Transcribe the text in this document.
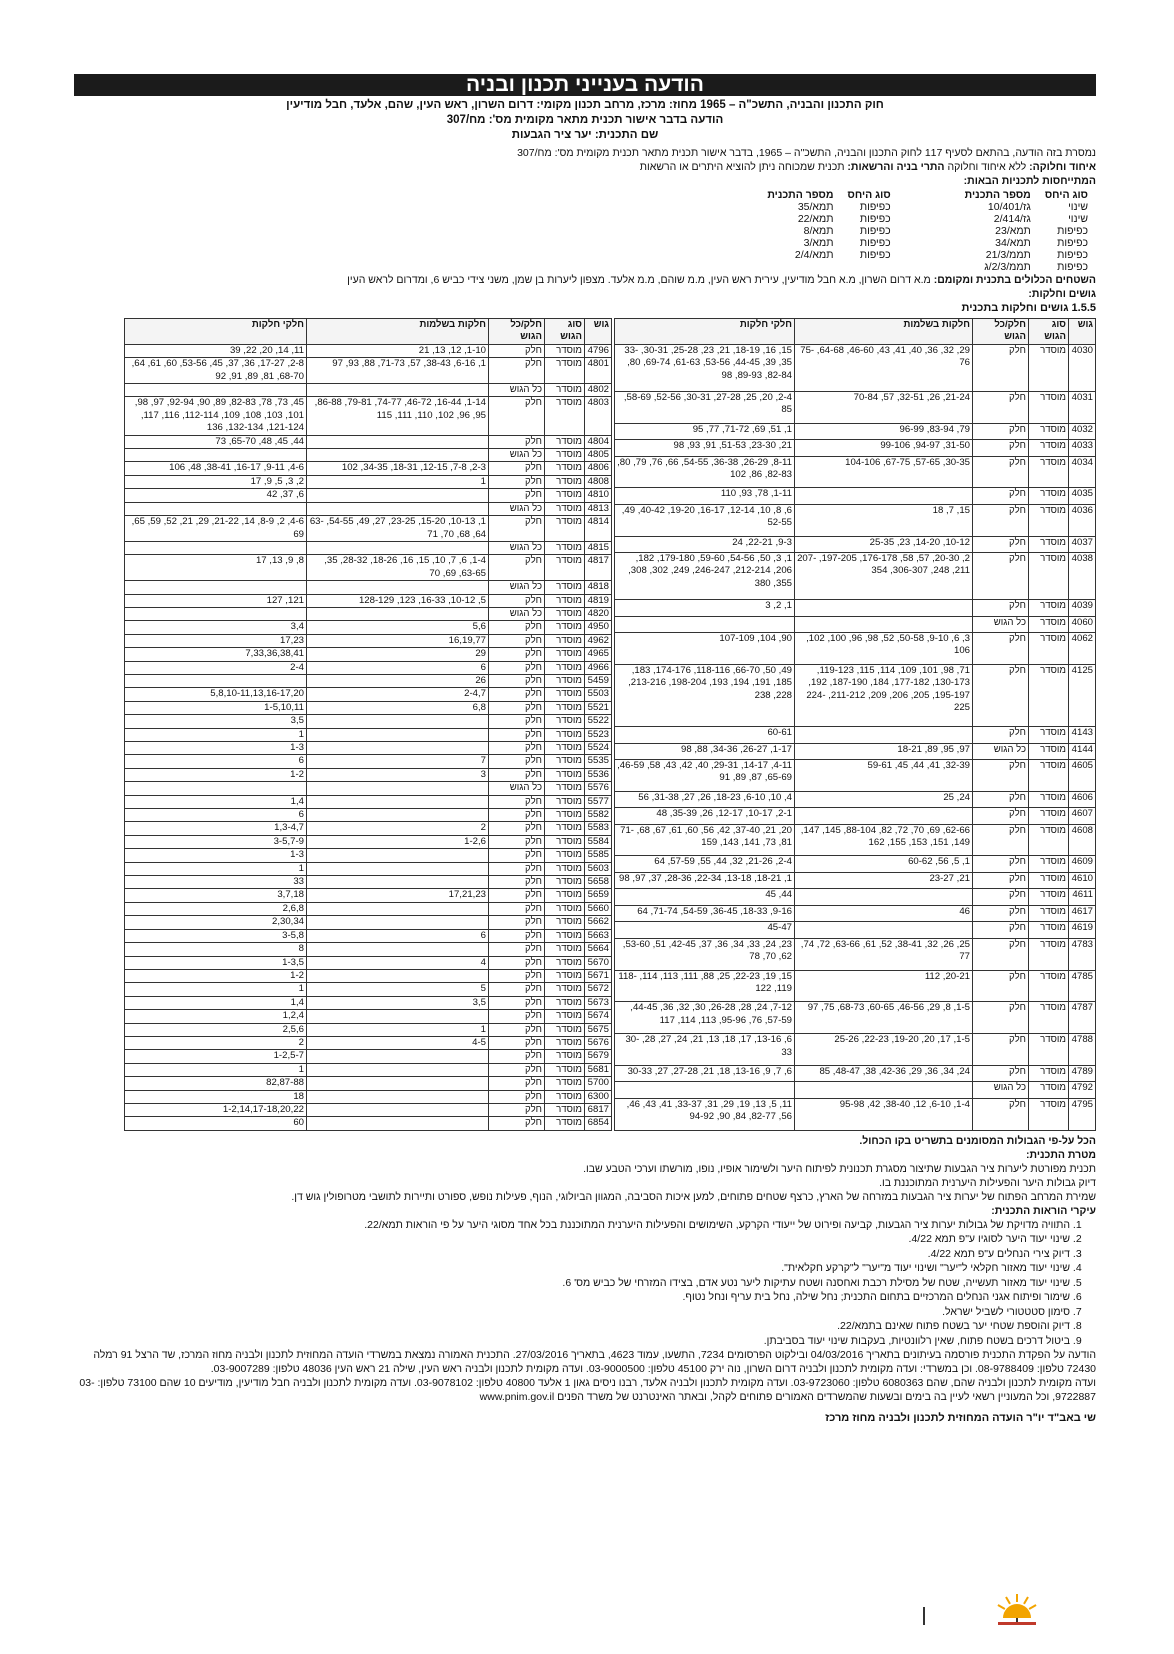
הודעה בענייני תכנון ובניה
חוק התכנון והבניה, התשכ"ה – 1965 מחוז: מרכז, מרחב תכנון מקומי: דרום השרון, ראש העין, שהם, אלעד, חבל מודיעין
הודעה בדבר אישור תכנית מתאר מקומית מס': מח/307
שם התכנית: יער ציר הגבעות
נמסרת בזה הודעה, בהתאם לסעיף 117 לחוק התכנון והבניה, התשכ"ה – 1965, בדבר אישור תכנית מתאר תכנית מקומית מס': מח/307
איחוד וחלוקה: ללא איחוד וחלוקה התרי בניה והרשאות: תכנית שמכוחה ניתן להוציא היתרים או הרשאות
המתייחסות לתכניות הבאות:
סוג היחס	מספר התכנית		סוג היחס	מספר התכנית
שינוי	גז/10/401		כפיפות	תמא/35
שינוי	גז/2/414		כפיפות	תמא/22
כפיפות	תמא/23		כפיפות	תמא/8
כפיפות	תמא/34		כפיפות	תמא/3
כפיפות	תממ/21/3		כפיפות	תמא/2/4
כפיפות	תממ/2/3/ג			
השטחים הכלולים בתכנית ומקומם: מ.א דרום השרון, מ.א חבל מודיעין, עירית ראש העין, מ.מ שוהם, מ.מ אלעד. מצפון ליערות בן שמן, משני צידי כביש 6, ומדרום לראש העין
גושים וחלקות:
1.5.5 גושים וחלקות בתכנית
גוש	סוג הגוש	חלק/כל הגוש	חלקות בשלמות	חלקי חלקות
4030	מוסדר	חלק	29, 32, 36, 40, 41, 43, 46-60, 64-68, 75-76	15, 16, 18-19, 21, 23, 25-28, 30-31, 33-35, 39, 44-45, 53-56, 61-63, 69-74, 80, 82-84, 89-93, 98
4031	מוסדר	חלק	21-24, 26, 32-51, 57, 70-84	2-4, 20, 25, 27-28, 30-31, 52-56, 58-69, 85
4032	מוסדר	חלק	79, 83-94, 96-99	1, 51, 69, 71-72, 77, 95
4033	מוסדר	חלק	31-50, 94-97, 99-106	21, 23-30, 51-53, 91, 93, 98
4034	מוסדר	חלק	30-35, 57-65, 67-75, 104-106	8-11, 26-29, 36-38, 54-55, 66, 76, 79, 80, 82-83, 86, 102
4035	מוסדר	חלק		1-11, 78, 93, 110
4036	מוסדר	חלק	15, 7, 18	6, 8, 10, 12-14, 16-17, 19-20, 40-42, 49, 52-55
4037	מוסדר	חלק	10-12, 14-20, 23, 25-35	9-3, 22-21, 24
4038	מוסדר	חלק	2, 20-30, 57, 58, 176-178, 197-205, 207-211, 248, 306-307, 354	1, 3, 50, 54-56, 59-60, 179-180, 182, 206, 212-214, 246-247, 249, 302, 308, 355, 380
4039	מוסדר	חלק		1, 2, 3
4060	מוסדר	כל הגוש		
4062	מוסדר	חלק	3, 6, 9-10, 50-58, 52, 98, 96, 100, 102, 106	90, 104, 107-109
4125	מוסדר	חלק	71, 98, 101, 109, 114, 115, 119-123, 130-173, 177-182, 184, 187-190, 192, 195-197, 205, 206, 209, 211-212, 224-225	49, 50, 66-70, 118-116, 174-176, 183, 185, 191, 194, 193, 198-204, 213-216, 228, 238
4143	מוסדר	חלק		60-61
4144	מוסדר	כל הגוש	97, 95, 89, 18-21	1-17, 26-27, 34-36, 88, 98
4605	מוסדר	חלק	32-39, 41, 44, 45, 59-61	4-11, 14-17, 29-31, 40, 42, 43, 58, 46-59, 65-69, 87, 89, 91
4606	מוסדר	חלק	24, 25	4, 10, 6-10, 18-23, 26, 27, 31-38, 56
4607	מוסדר	חלק		2-1, 10-17, 12-17, 26, 35-39, 48
4608	מוסדר	חלק	62-66, 69, 70, 72, 82, 88-104, 145, 147, 149, 151, 153, 155, 162	20, 21, 37-40, 42, 56, 60, 61, 67, 68, 71-81, 73, 141, 143, 159
4609	מוסדר	חלק	1, 5, 56, 60-62	2-4, 21-26, 32, 44, 55, 57-59, 64
4610	מוסדר	חלק	21, 23-27	1, 18-21, 13-18, 22-34, 28-36, 37, 97, 98
4611	מוסדר	חלק		44, 45
4617	מוסדר	חלק	46	9-16, 18-33, 36-45, 54-59, 71-74, 64
4619	מוסדר	חלק		45-47
4783	מוסדר	חלק	25, 26, 32, 38-41, 52, 61, 63-66, 72, 74, 77	23, 24, 33, 34, 36, 37, 42-45, 51, 53-60, 62, 70, 78
4785	מוסדר	חלק	20-21, 112	15, 19, 22-23, 25, 88, 111, 113, 114, 118-119, 122
4787	מוסדר	חלק	1-5, 8, 29, 46-56, 60-65, 68-73, 75, 97	7-12, 24, 28, 26-28, 30, 32, 36, 44-45, 57-59, 76, 95-96, 113, 114, 117
4788	מוסדר	חלק	1-5, 17, 20, 19-20, 22-23, 25-26	6, 13-16, 17, 18, 13, 21, 24, 27, 28, 30-33
4789	מוסדר	חלק	24, 34, 36, 29, 42-36, 38, 48-47, 85	6, 7, 9, 13-16, 18, 21, 27-28, 27, 30-33
4792	מוסדר	כל הגוש		
4795	מוסדר	חלק	1-4, 6-10, 12, 38-40, 42, 95-98	11, 5, 13, 19, 29, 31, 33-37, 41, 43, 46, 56, 82-77, 84, 90, 94-92
גוש	סוג הגוש	חלק/כל הגוש	חלקות בשלמות	חלקי חלקות
4796	מוסדר	חלק	1-10, 12, 13, 21	11, 14, 20, 22, 39
4801	מוסדר	חלק	1, 6-16, 38-43, 57, 71-73, 88, 93, 97	2-8, 17-27, 36, 37, 45, 53-56, 60, 61, 64, 68-70, 81, 89, 91, 92
4802	מוסדר	כל הגוש		
4803	מוסדר	חלק	1-14, 16-44, 46-72, 74-77, 79-81, 86-88, 95, 96, 102, 110, 111, 115	45, 73, 78, 82-83, 89, 90, 92-94, 97, 98, 101, 103, 108, 109, 112-114, 116, 117, 121-124, 132-134, 136
4804	מוסדר	חלק		44, 45, 48, 65-70, 73
4805	מוסדר	כל הגוש		
4806	מוסדר	חלק	2-3, 7-8, 12-15, 18-31, 34-35, 102	4-6, 9-11, 16-17, 38-41, 48, 106
4808	מוסדר	חלק	1	2, 3, 5, 9, 17
4810	מוסדר	חלק		6, 37, 42
4813	מוסדר	כל הגוש		
4814	מוסדר	חלק	1, 10-13, 15-20, 23-25, 27, 49, 54-55, 63-64, 68, 70, 71	4-6, 2, 8-9, 14, 21-22, 29, 21, 52, 59, 65, 69
4815	מוסדר	כל הגוש		
4817	מוסדר	חלק	1-4, 6, 7, 10, 15, 16, 18-26, 28-32, 35, 63-65, 69, 70	8, 9, 13, 17
4818	מוסדר	כל הגוש		
4819	מוסדר	חלק	5, 10-12, 16-33, 123, 128-129	121, 127
4820	מוסדר	כל הגוש		
4950	מוסדר	חלק	5,6	3,4
4962	מוסדר	חלק	16,19,77	17,23
4965	מוסדר	חלק	29	7,33,36,38,41
4966	מוסדר	חלק	6	2-4
5459	מוסדר	חלק	26	
5503	מוסדר	חלק	2-4,7	5,8,10-11,13,16-17,20
5521	מוסדר	חלק	6,8	1-5,10,11
5522	מוסדר	חלק		3,5
5523	מוסדר	חלק		1
5524	מוסדר	חלק		1-3
5535	מוסדר	חלק	7	6
5536	מוסדר	חלק	3	1-2
5576	מוסדר	כל הגוש		
5577	מוסדר	חלק		1,4
5582	מוסדר	חלק		6
5583	מוסדר	חלק	2	1,3-4,7
5584	מוסדר	חלק	1-2,6	3-5,7-9
5585	מוסדר	חלק		1-3
5603	מוסדר	חלק		1
5658	מוסדר	חלק		33
5659	מוסדר	חלק	17,21,23	3,7,18
5660	מוסדר	חלק		2,6,8
5662	מוסדר	חלק		2,30,34
5663	מוסדר	חלק	6	3-5,8
5664	מוסדר	חלק		8
5670	מוסדר	חלק	4	1-3,5
5671	מוסדר	חלק		1-2
5672	מוסדר	חלק	5	1
5673	מוסדר	חלק	3,5	1,4
5674	מוסדר	חלק		1,2,4
5675	מוסדר	חלק	1	2,5,6
5676	מוסדר	חלק	4-5	2
5679	מוסדר	חלק		1-2,5-7
5681	מוסדר	חלק		1
5700	מוסדר	חלק		82,87-88
6300	מוסדר	חלק		18
6817	מוסדר	חלק		1-2,14,17-18,20,22
6854	מוסדר	חלק		60
הכל על-פי הגבולות המסומנים בתשריט בקו הכחול.
מטרת התכנית:
תכנית מפורטת ליערות ציר הגבעות שתיצור מסגרת תכנונית לפיתוח היער ולשימור אופיו, נופו, מורשתו וערכי הטבע שבו.
דיוק גבולות היער והפעילות היערנית המתוכננת בו.
שמירת המרחב הפתוח של יערות ציר הגבעות במזרחה של הארץ, כרצף שטחים פתוחים, למען איכות הסביבה, המגוון הביולוגי, הנוף, פעילות נופש, ספורט ותיירות לתושבי מטרופולין גוש דן.
עיקרי הוראות התכנית:
1. התוויה מדויקת של גבולות יערות ציר הגבעות, קביעה ופירוט של ייעודי הקרקע, השימושים והפעילות היערנית המתוכננת בכל אחד מסוגי היער על פי הוראות תמא/22.
2. שינוי יעוד היער לסוגיו ע"פ תמא 4/22.
3. דיוק צירי הנחלים ע"פ תמא 4/22.
4. שינוי יעוד מאזור חקלאי ל"יער" ושינוי יעוד מ"יער" ל"קרקע חקלאית".
5. שינוי יעוד מאזור תעשייה, שטח של מסילת רכבת ואחסנה ושטח עתיקות ליער נטע אדם, בצידו המזרחי של כביש מס' 6.
6. שימור ופיתוח אגני הנחלים המרכזיים בתחום התכנית; נחל שילה, נחל בית עריף ונחל נטוף.
7. סימון סטטטורי לשביל ישראל.
8. דיוק והוספת שטחי יער בשטח פתוח שאינם בתמא/22.
9. ביטול דרכים בשטח פתוח, שאין רלוונטיות, בעקבות שינוי יעוד בסביבתן.
הודעה על הפקדת התכנית פורסמה בעיתונים בתאריך 04/03/2016 ובילקוט הפרסומים 7234, התשעו, עמוד 4623, בתאריך 27/03/2016. התכנית האמורה נמצאת במשרדי הועדה המחוזית לתכנון ולבניה מחוז המרכז, שד הרצל 91 רמלה 72430 טלפון: 08-9788409. וכן במשרדי: ועדה מקומית לתכנון ולבניה דרום השרון, נוה ירק 45100 טלפון: 03-9000500. ועדה מקומית לתכנון ולבניה ראש העין, שילה 21 ראש העין 48036 טלפון: 03-9007289.
ועדה מקומית לתכנון ולבניה שהם, שהם 6080363 טלפון: 03-9723060. ועדה מקומית לתכנון ולבניה אלעד, רבנו ניסים גאון 1 אלעד 40800 טלפון: 03-9078102. ועדה מקומית לתכנון ולבניה חבל מודיעין, מודיעים 10 שהם 73100 טלפון: 03-9722887, וכל המעוניין רשאי לעיין בה בימים ובשעות שהמשרדים האמורים פתוחים לקהל, ובאתר האינטרנט של משרד הפנים www.pnim.gov.il
שי באב"ד יו"ר הועדה המחוזית לתכנון ולבניה מחוז מרכז
